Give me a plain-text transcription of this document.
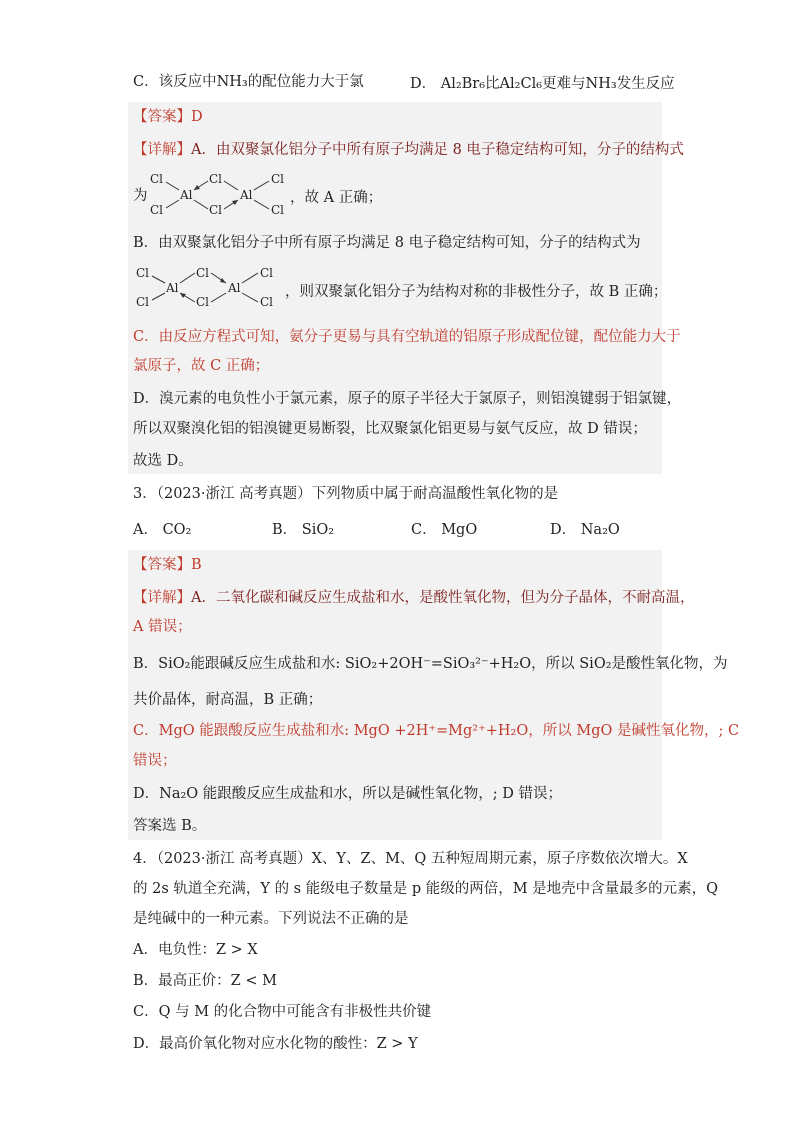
C．该反应中NH₃的配位能力大于氯	D． Al₂Br₆比Al₂Cl₆更难与NH₃发生反应
【答案】D
【详解】A．由双聚氯化铝分子中所有原子均满足 8 电子稳定结构可知，分子的结构式
为
Cl
Cl
Al
Cl
Cl
Al
Cl
Cl
，故 A 正确；
B．由双聚氯化铝分子中所有原子均满足 8 电子稳定结构可知，分子的结构式为
Cl
Cl
Al
Cl
Cl
Al
Cl
Cl
，则双聚氯化铝分子为结构对称的非极性分子，故 B 正确；
C．由反应方程式可知，氨分子更易与具有空轨道的铝原子形成配位键，配位能力大于
氯原子，故 C 正确；
D．溴元素的电负性小于氯元素，原子的原子半径大于氯原子，则铝溴键弱于铝氯键，
所以双聚溴化铝的铝溴键更易断裂，比双聚氯化铝更易与氨气反应，故 D 错误；
故选 D。
3．（2023·浙江 高考真题）下列物质中属于耐高温酸性氧化物的是
A． CO₂	B． SiO₂	C． MgO	D． Na₂O
【答案】B
【详解】A．二氧化碳和碱反应生成盐和水，是酸性氧化物，但为分子晶体，不耐高温，
A 错误；
B．SiO₂能跟碱反应生成盐和水: SiO₂+2OH⁻=SiO₃²⁻+H₂O，所以 SiO₂是酸性氧化物，为
共价晶体，耐高温，B 正确；
C．MgO 能跟酸反应生成盐和水: MgO +2H⁺=Mg²⁺+H₂O，所以 MgO 是碱性氧化物，; C
错误；
D．Na₂O 能跟酸反应生成盐和水，所以是碱性氧化物，; D 错误；
答案选 B。
4．（2023·浙江 高考真题）X、Y、Z、M、Q 五种短周期元素，原子序数依次增大。X
的 2s 轨道全充满，Y 的 s 能级电子数量是 p 能级的两倍，M 是地壳中含量最多的元素，Q
是纯碱中的一种元素。下列说法不正确的是
A．电负性：Z > X
B．最高正价：Z < M
C．Q 与 M 的化合物中可能含有非极性共价键
D．最高价氧化物对应水化物的酸性：Z > Y
